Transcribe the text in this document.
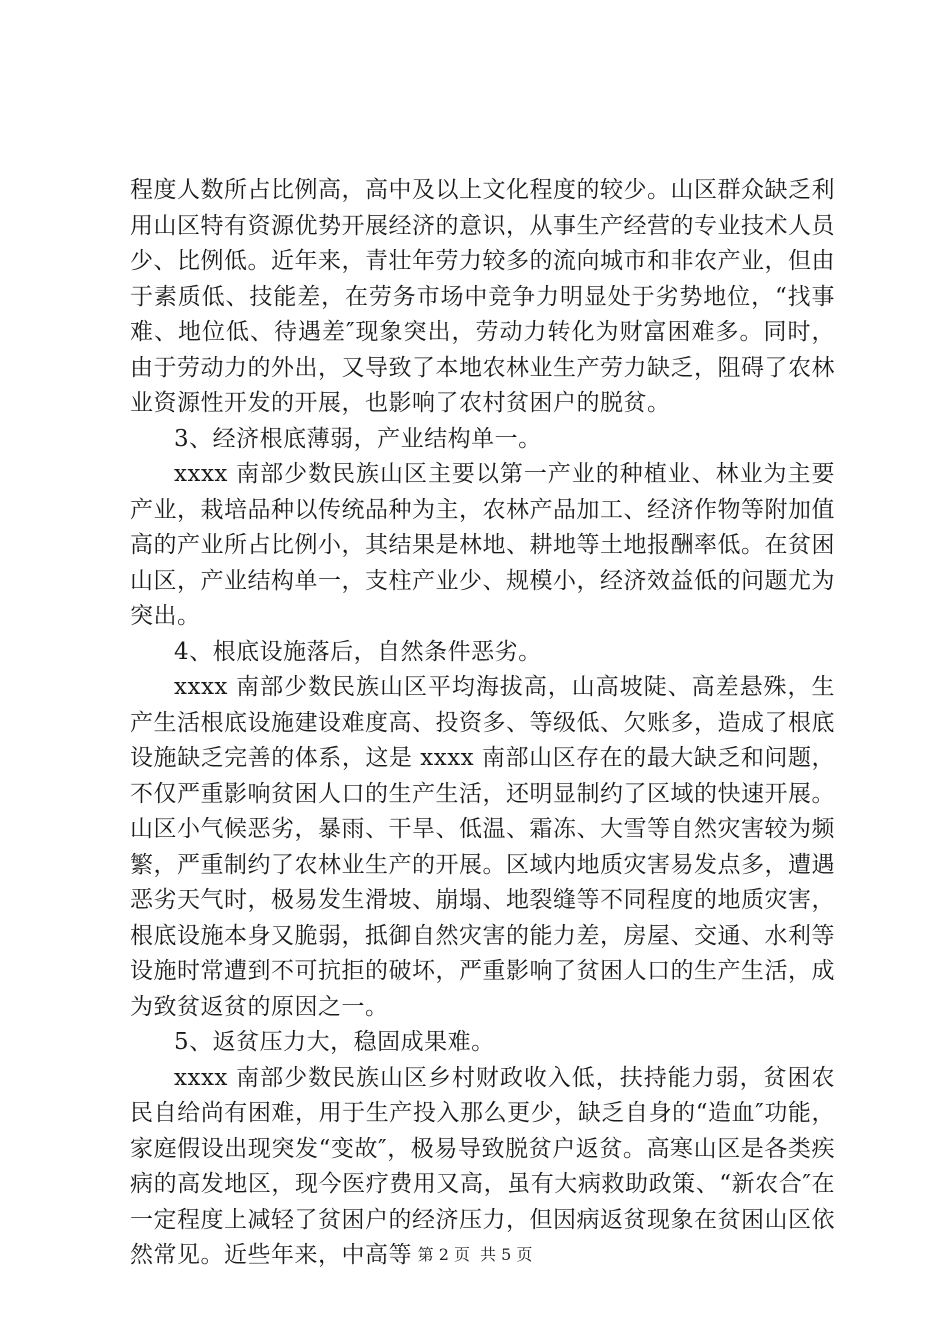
程度人数所占比例高，高中及以上文化程度的较少。山区群众缺乏利用山区特有资源优势开展经济的意识，从事生产经营的专业技术人员少、比例低。近年来，青壮年劳力较多的流向城市和非农产业，但由于素质低、技能差，在劳务市场中竞争力明显处于劣势地位，“找事难、地位低、待遇差″现象突出，劳动力转化为财富困难多。同时，由于劳动力的外出，又导致了本地农林业生产劳力缺乏，阻碍了农林业资源性开发的开展，也影响了农村贫困户的脱贫。

3、经济根底薄弱，产业结构单一。

xxxx 南部少数民族山区主要以第一产业的种植业、林业为主要产业，栽培品种以传统品种为主，农林产品加工、经济作物等附加值高的产业所占比例小，其结果是林地、耕地等土地报酬率低。在贫困山区，产业结构单一，支柱产业少、规模小，经济效益低的问题尤为突出。

4、根底设施落后，自然条件恶劣。

xxxx 南部少数民族山区平均海拔高，山高坡陡、高差悬殊，生产生活根底设施建设难度高、投资多、等级低、欠账多，造成了根底设施缺乏完善的体系，这是 xxxx 南部山区存在的最大缺乏和问题，不仅严重影响贫困人口的生产生活，还明显制约了区域的快速开展。山区小气候恶劣，暴雨、干旱、低温、霜冻、大雪等自然灾害较为频繁，严重制约了农林业生产的开展。区域内地质灾害易发点多，遭遇恶劣天气时，极易发生滑坡、崩塌、地裂缝等不同程度的地质灾害，根底设施本身又脆弱，抵御自然灾害的能力差，房屋、交通、水利等设施时常遭到不可抗拒的破坏，严重影响了贫困人口的生产生活，成为致贫返贫的原因之一。

5、返贫压力大，稳固成果难。

xxxx 南部少数民族山区乡村财政收入低，扶持能力弱，贫困农民自给尚有困难，用于生产投入那么更少，缺乏自身的“造血″功能，家庭假设出现突发“变故″，极易导致脱贫户返贫。高寒山区是各类疾病的高发地区，现今医疗费用又高，虽有大病救助政策、“新农合″在一定程度上减轻了贫困户的经济压力，但因病返贫现象在贫困山区依然常见。近些年来，中高等 第 2 页 共 5 页
